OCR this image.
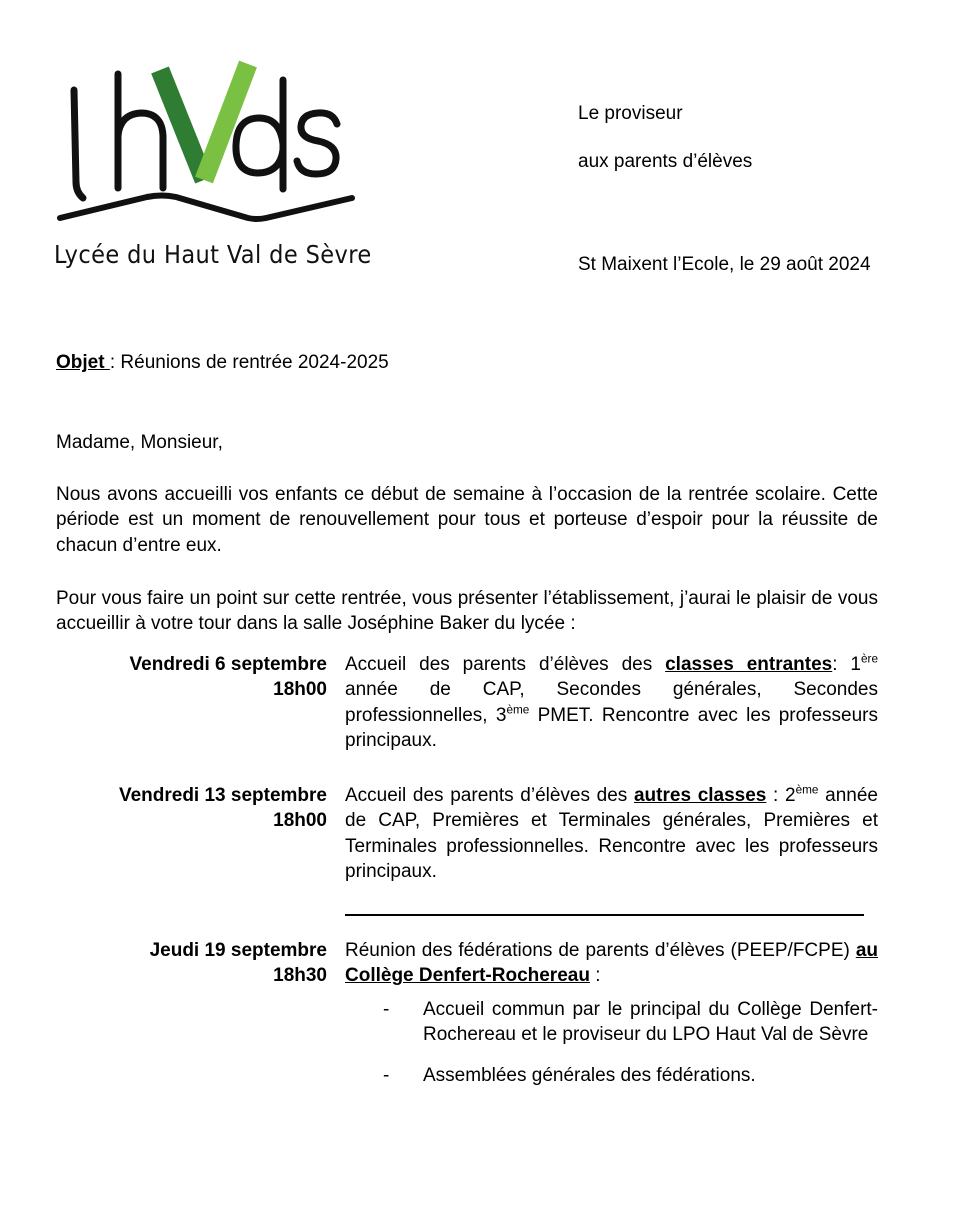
Lycée du Haut Val de Sèvre
Le proviseur
aux parents d’élèves
St Maixent l’Ecole, le 29 août 2024
Objet : Réunions de rentrée 2024-2025
Madame, Monsieur,
Nous avons accueilli vos enfants ce début de semaine à l’occasion de la rentrée scolaire. Cette période est un moment de renouvellement pour tous et porteuse d’espoir pour la réussite de chacun d’entre eux.
Pour vous faire un point sur cette rentrée, vous présenter l’établissement, j’aurai le plaisir de vous accueillir à votre tour dans la salle Joséphine Baker du lycée :
Vendredi 6 septembre
18h00
Accueil des parents d’élèves des classes entrantes: 1ère année de CAP, Secondes générales, Secondes professionnelles, 3ème PMET. Rencontre avec les professeurs principaux.
Vendredi 13 septembre
18h00
Accueil des parents d’élèves des autres classes : 2ème année de CAP, Premières et Terminales générales, Premières et Terminales professionnelles. Rencontre avec les professeurs principaux.
Jeudi 19 septembre
18h30
Réunion des fédérations de parents d’élèves (PEEP/FCPE) au Collège Denfert-Rochereau :
- Accueil commun par le principal du Collège Denfert-Rochereau et le proviseur du LPO Haut Val de Sèvre
- Assemblées générales des fédérations.
